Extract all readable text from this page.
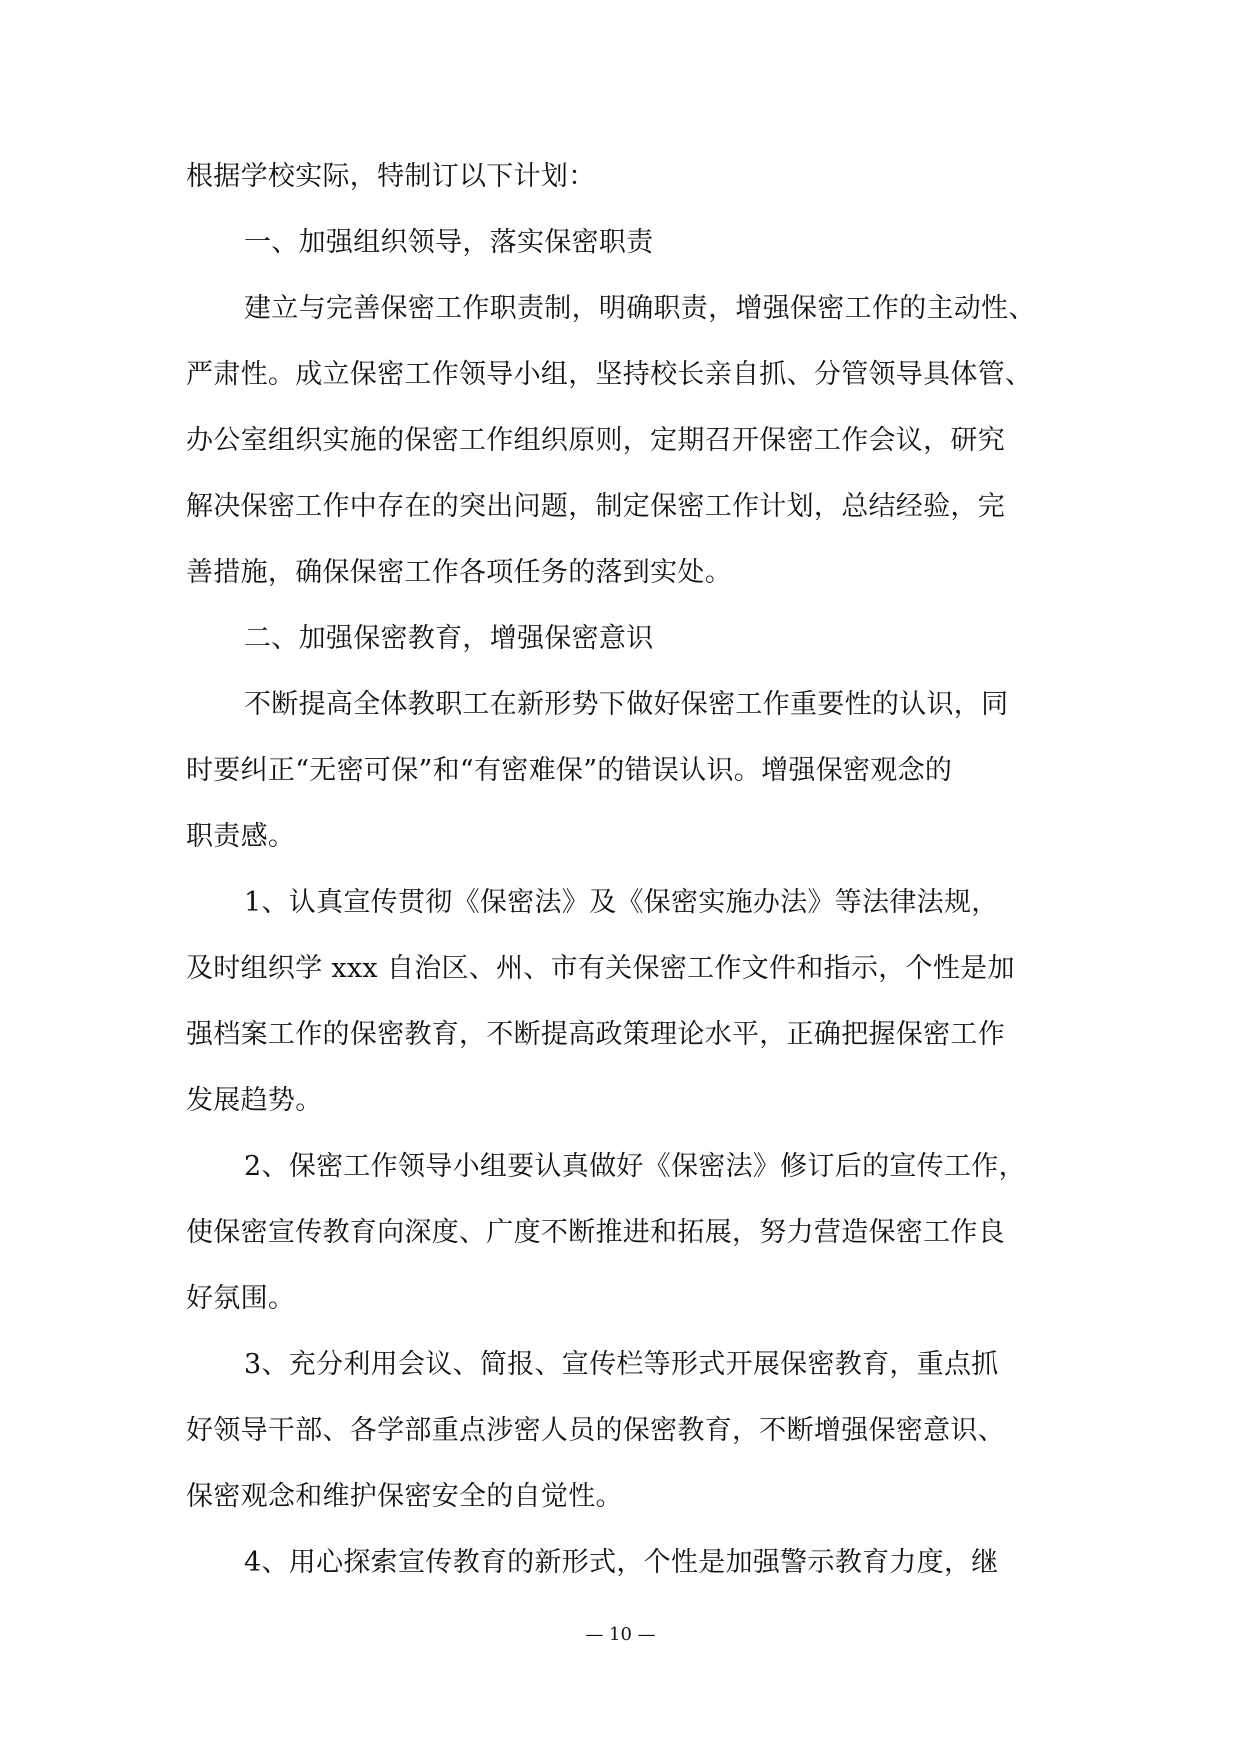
根据学校实际，特制订以下计划：
一、加强组织领导，落实保密职责
建立与完善保密工作职责制，明确职责，增强保密工作的主动性、
严肃性。成立保密工作领导小组，坚持校长亲自抓、分管领导具体管、
办公室组织实施的保密工作组织原则，定期召开保密工作会议，研究
解决保密工作中存在的突出问题，制定保密工作计划，总结经验，完
善措施，确保保密工作各项任务的落到实处。
二、加强保密教育，增强保密意识
不断提高全体教职工在新形势下做好保密工作重要性的认识，同
时要纠正“无密可保”和“有密难保”的错误认识。增强保密观念的
职责感。
1、认真宣传贯彻《保密法》及《保密实施办法》等法律法规，
及时组织学 xxx 自治区、州、市有关保密工作文件和指示，个性是加
强档案工作的保密教育，不断提高政策理论水平，正确把握保密工作
发展趋势。
2、保密工作领导小组要认真做好《保密法》修订后的宣传工作，
使保密宣传教育向深度、广度不断推进和拓展，努力营造保密工作良
好氛围。
3、充分利用会议、简报、宣传栏等形式开展保密教育，重点抓
好领导干部、各学部重点涉密人员的保密教育，不断增强保密意识、
保密观念和维护保密安全的自觉性。
4、用心探索宣传教育的新形式，个性是加强警示教育力度，继
— 10 —
